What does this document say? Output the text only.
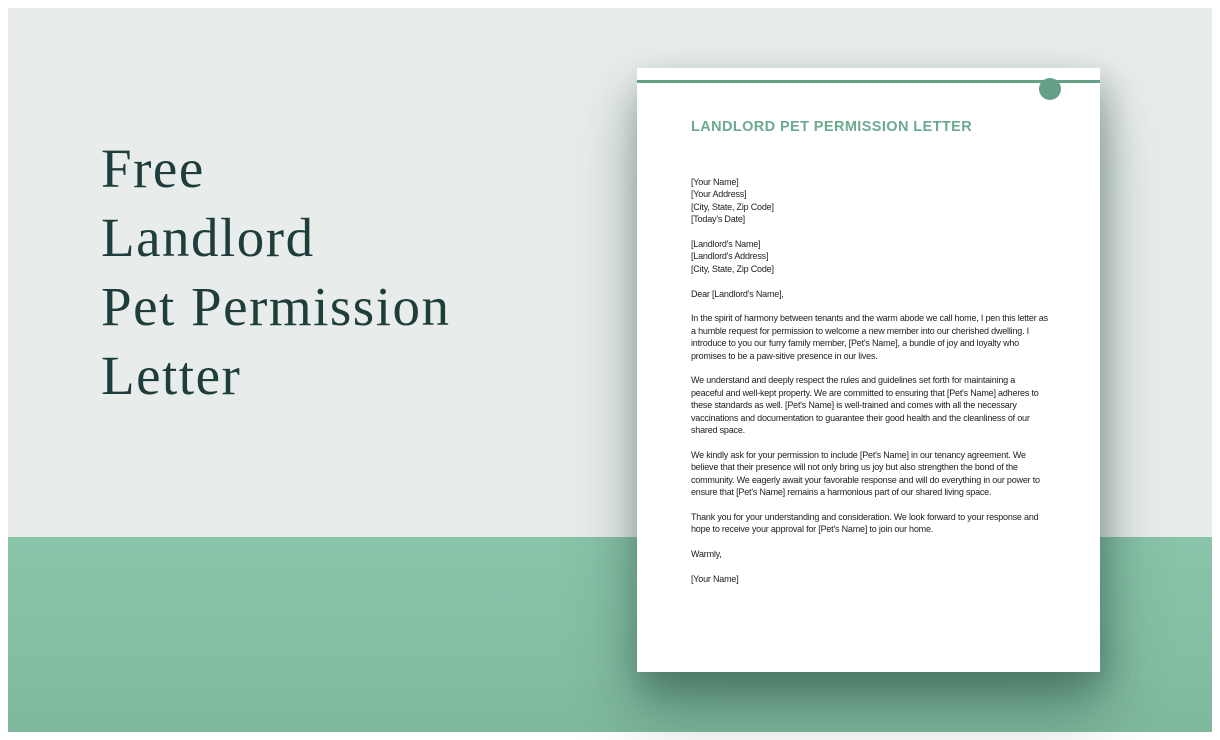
Free
Landlord
Pet Permission
Letter
LANDLORD PET PERMISSION LETTER
[Your Name]
[Your Address]
[City, State, Zip Code]
[Today's Date]
[Landlord's Name]
[Landlord's Address]
[City, State, Zip Code]
Dear [Landlord's Name],

In the spirit of harmony between tenants and the warm abode we call home, I pen this letter as a humble request for permission to welcome a new member into our cherished dwelling. I introduce to you our furry family member, [Pet's Name], a bundle of joy and loyalty who promises to be a paw-sitive presence in our lives.

We understand and deeply respect the rules and guidelines set forth for maintaining a peaceful and well-kept property. We are committed to ensuring that [Pet's Name] adheres to these standards as well. [Pet's Name] is well-trained and comes with all the necessary vaccinations and documentation to guarantee their good health and the cleanliness of our shared space.

We kindly ask for your permission to include [Pet's Name] in our tenancy agreement. We believe that their presence will not only bring us joy but also strengthen the bond of the community. We eagerly await your favorable response and will do everything in our power to ensure that [Pet's Name] remains a harmonious part of our shared living space.

Thank you for your understanding and consideration. We look forward to your response and hope to receive your approval for [Pet's Name] to join our home.

Warmly,
[Your Name]
